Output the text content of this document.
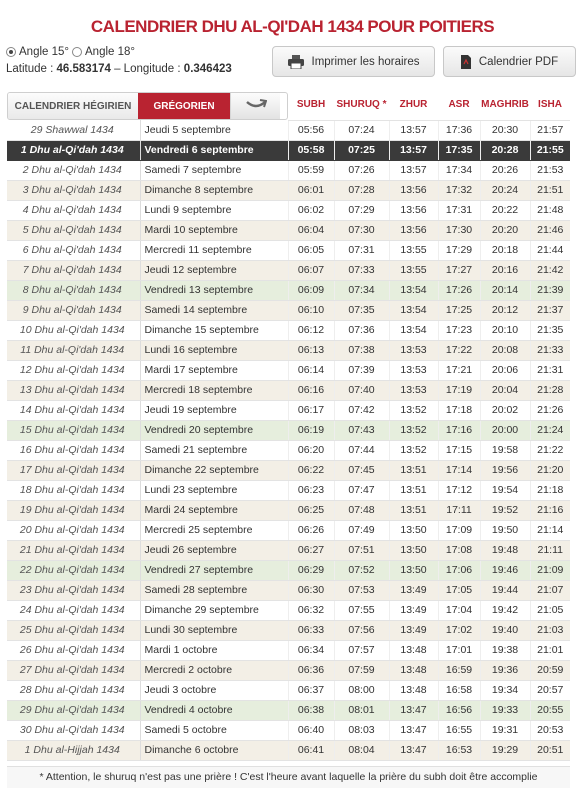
CALENDRIER DHU AL-QI'DAH 1434 POUR POITIERS
Angle 15° Angle 18°
Latitude : 46.583174 – Longitude : 0.346423
Imprimer les horaires	Calendrier PDF
CALENDRIER HÉGIRIEN GRÉGORIEN		SUBH	SHURUQ *	ZHUR	ASR	MAGHRIB	ISHA
29 Shawwal 1434	Jeudi 5 septembre	05:56	07:24	13:57	17:36	20:30	21:57
1 Dhu al-Qi'dah 1434	Vendredi 6 septembre	05:58	07:25	13:57	17:35	20:28	21:55
2 Dhu al-Qi'dah 1434	Samedi 7 septembre	05:59	07:26	13:57	17:34	20:26	21:53
3 Dhu al-Qi'dah 1434	Dimanche 8 septembre	06:01	07:28	13:56	17:32	20:24	21:51
4 Dhu al-Qi'dah 1434	Lundi 9 septembre	06:02	07:29	13:56	17:31	20:22	21:48
5 Dhu al-Qi'dah 1434	Mardi 10 septembre	06:04	07:30	13:56	17:30	20:20	21:46
6 Dhu al-Qi'dah 1434	Mercredi 11 septembre	06:05	07:31	13:55	17:29	20:18	21:44
7 Dhu al-Qi'dah 1434	Jeudi 12 septembre	06:07	07:33	13:55	17:27	20:16	21:42
8 Dhu al-Qi'dah 1434	Vendredi 13 septembre	06:09	07:34	13:54	17:26	20:14	21:39
9 Dhu al-Qi'dah 1434	Samedi 14 septembre	06:10	07:35	13:54	17:25	20:12	21:37
10 Dhu al-Qi'dah 1434	Dimanche 15 septembre	06:12	07:36	13:54	17:23	20:10	21:35
11 Dhu al-Qi'dah 1434	Lundi 16 septembre	06:13	07:38	13:53	17:22	20:08	21:33
12 Dhu al-Qi'dah 1434	Mardi 17 septembre	06:14	07:39	13:53	17:21	20:06	21:31
13 Dhu al-Qi'dah 1434	Mercredi 18 septembre	06:16	07:40	13:53	17:19	20:04	21:28
14 Dhu al-Qi'dah 1434	Jeudi 19 septembre	06:17	07:42	13:52	17:18	20:02	21:26
15 Dhu al-Qi'dah 1434	Vendredi 20 septembre	06:19	07:43	13:52	17:16	20:00	21:24
16 Dhu al-Qi'dah 1434	Samedi 21 septembre	06:20	07:44	13:52	17:15	19:58	21:22
17 Dhu al-Qi'dah 1434	Dimanche 22 septembre	06:22	07:45	13:51	17:14	19:56	21:20
18 Dhu al-Qi'dah 1434	Lundi 23 septembre	06:23	07:47	13:51	17:12	19:54	21:18
19 Dhu al-Qi'dah 1434	Mardi 24 septembre	06:25	07:48	13:51	17:11	19:52	21:16
20 Dhu al-Qi'dah 1434	Mercredi 25 septembre	06:26	07:49	13:50	17:09	19:50	21:14
21 Dhu al-Qi'dah 1434	Jeudi 26 septembre	06:27	07:51	13:50	17:08	19:48	21:11
22 Dhu al-Qi'dah 1434	Vendredi 27 septembre	06:29	07:52	13:50	17:06	19:46	21:09
23 Dhu al-Qi'dah 1434	Samedi 28 septembre	06:30	07:53	13:49	17:05	19:44	21:07
24 Dhu al-Qi'dah 1434	Dimanche 29 septembre	06:32	07:55	13:49	17:04	19:42	21:05
25 Dhu al-Qi'dah 1434	Lundi 30 septembre	06:33	07:56	13:49	17:02	19:40	21:03
26 Dhu al-Qi'dah 1434	Mardi 1 octobre	06:34	07:57	13:48	17:01	19:38	21:01
27 Dhu al-Qi'dah 1434	Mercredi 2 octobre	06:36	07:59	13:48	16:59	19:36	20:59
28 Dhu al-Qi'dah 1434	Jeudi 3 octobre	06:37	08:00	13:48	16:58	19:34	20:57
29 Dhu al-Qi'dah 1434	Vendredi 4 octobre	06:38	08:01	13:47	16:56	19:33	20:55
30 Dhu al-Qi'dah 1434	Samedi 5 octobre	06:40	08:03	13:47	16:55	19:31	20:53
1 Dhu al-Hijjah 1434	Dimanche 6 octobre	06:41	08:04	13:47	16:53	19:29	20:51
* Attention, le shuruq n'est pas une prière ! C'est l'heure avant laquelle la prière du subh doit être accomplie
